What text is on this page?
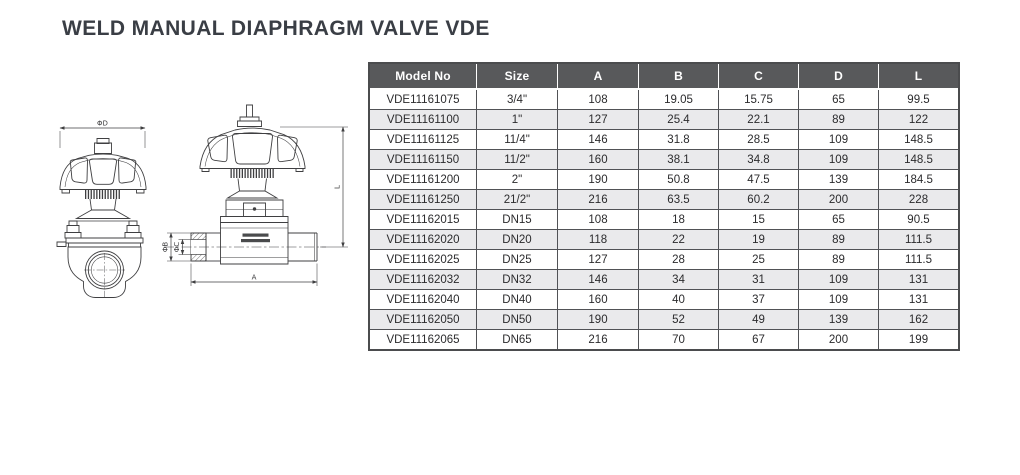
WELD MANUAL DIAPHRAGM VALVE VDE
ΦD
ΦB ΦC
L
A
Model No	Size	A	B	C	D	L
VDE11161075	3/4"	108	19.05	15.75	65	99.5
VDE11161100	1"	127	25.4	22.1	89	122
VDE11161125	11/4"	146	31.8	28.5	109	148.5
VDE11161150	11/2"	160	38.1	34.8	109	148.5
VDE11161200	2"	190	50.8	47.5	139	184.5
VDE11161250	21/2"	216	63.5	60.2	200	228
VDE11162015	DN15	108	18	15	65	90.5
VDE11162020	DN20	118	22	19	89	111.5
VDE11162025	DN25	127	28	25	89	111.5
VDE11162032	DN32	146	34	31	109	131
VDE11162040	DN40	160	40	37	109	131
VDE11162050	DN50	190	52	49	139	162
VDE11162065	DN65	216	70	67	200	199
